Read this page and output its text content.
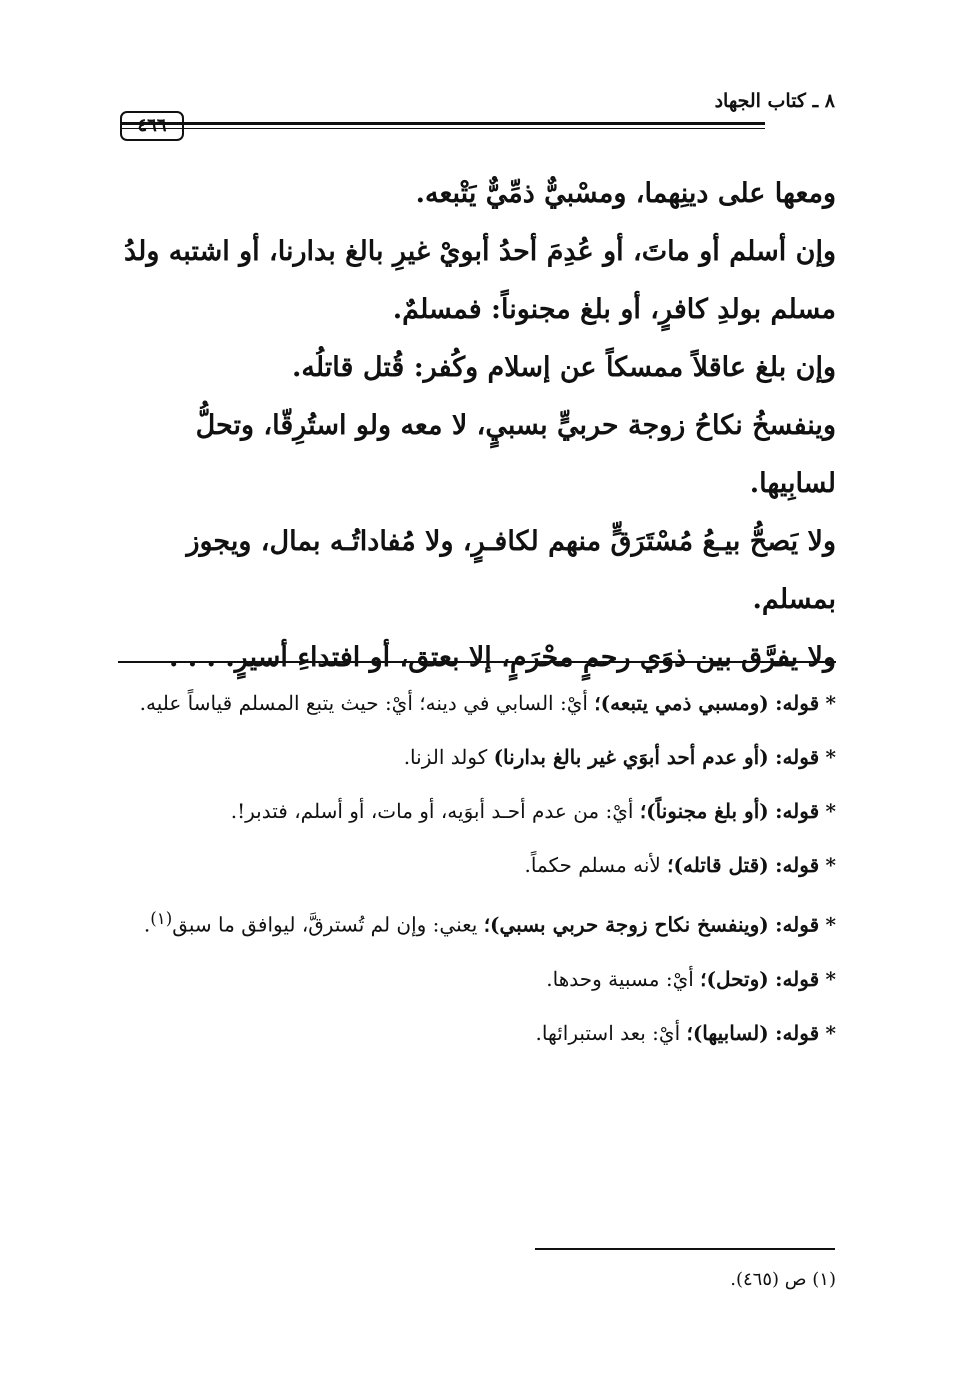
٨ ـ كتاب الجهاد
٤٦٦

ومعها على دينِهما، ومسْبيٌّ ذمِّيٌّ يَتْبعه.

وإن أسلم أو ماتَ، أو عُدِمَ أحدُ أبويْ غيرِ بالغ بدارنا، أو اشتبه ولدُ مسلم بولدِ كافرٍ، أو بلغ مجنوناً: فمسلمٌ.

وإن بلغ عاقلاً ممسكاً عن إسلام وكُفر: قُتل قاتلُه.

وينفسخُ نكاحُ زوجة حربيٍّ بسبيٍ، لا معه ولو استُرِقّا، وتحلُّ لسابِيها.

ولا يَصحُّ بيـعُ مُسْتَرَقٍّ منهم لكافـرٍ، ولا مُفاداتُـه بمال، ويجوز بمسلم.

ولا يفرَّق بين ذوَي رحمٍ محْرَمٍ، إلا بعتق، أو افتداءِ أسيرٍ. . . .

* قوله: (ومسبي ذمي يتبعه)؛ أيْ: السابي في دينه؛ أيْ: حيث يتبع المسلم قياساً عليه.

* قوله: (أو عدم أحد أبوَي غير بالغ بدارنا) كولد الزنا.

* قوله: (أو بلغ مجنوناً)؛ أيْ: من عدم أحـد أبوَيه، أو مات، أو أسلم، فتدبر!.

* قوله: (قتل قاتله)؛ لأنه مسلم حكماً.

* قوله: (وينفسخ نكاح زوجة حربي بسبي)؛ يعني: وإن لم تُسترقَّ، ليوافق ما سبق$^{(١)}$.

* قوله: (وتحل)؛ أيْ: مسبية وحدها.

* قوله: (لسابيها)؛ أيْ: بعد استبرائها.

(١) ص (٤٦٥).
